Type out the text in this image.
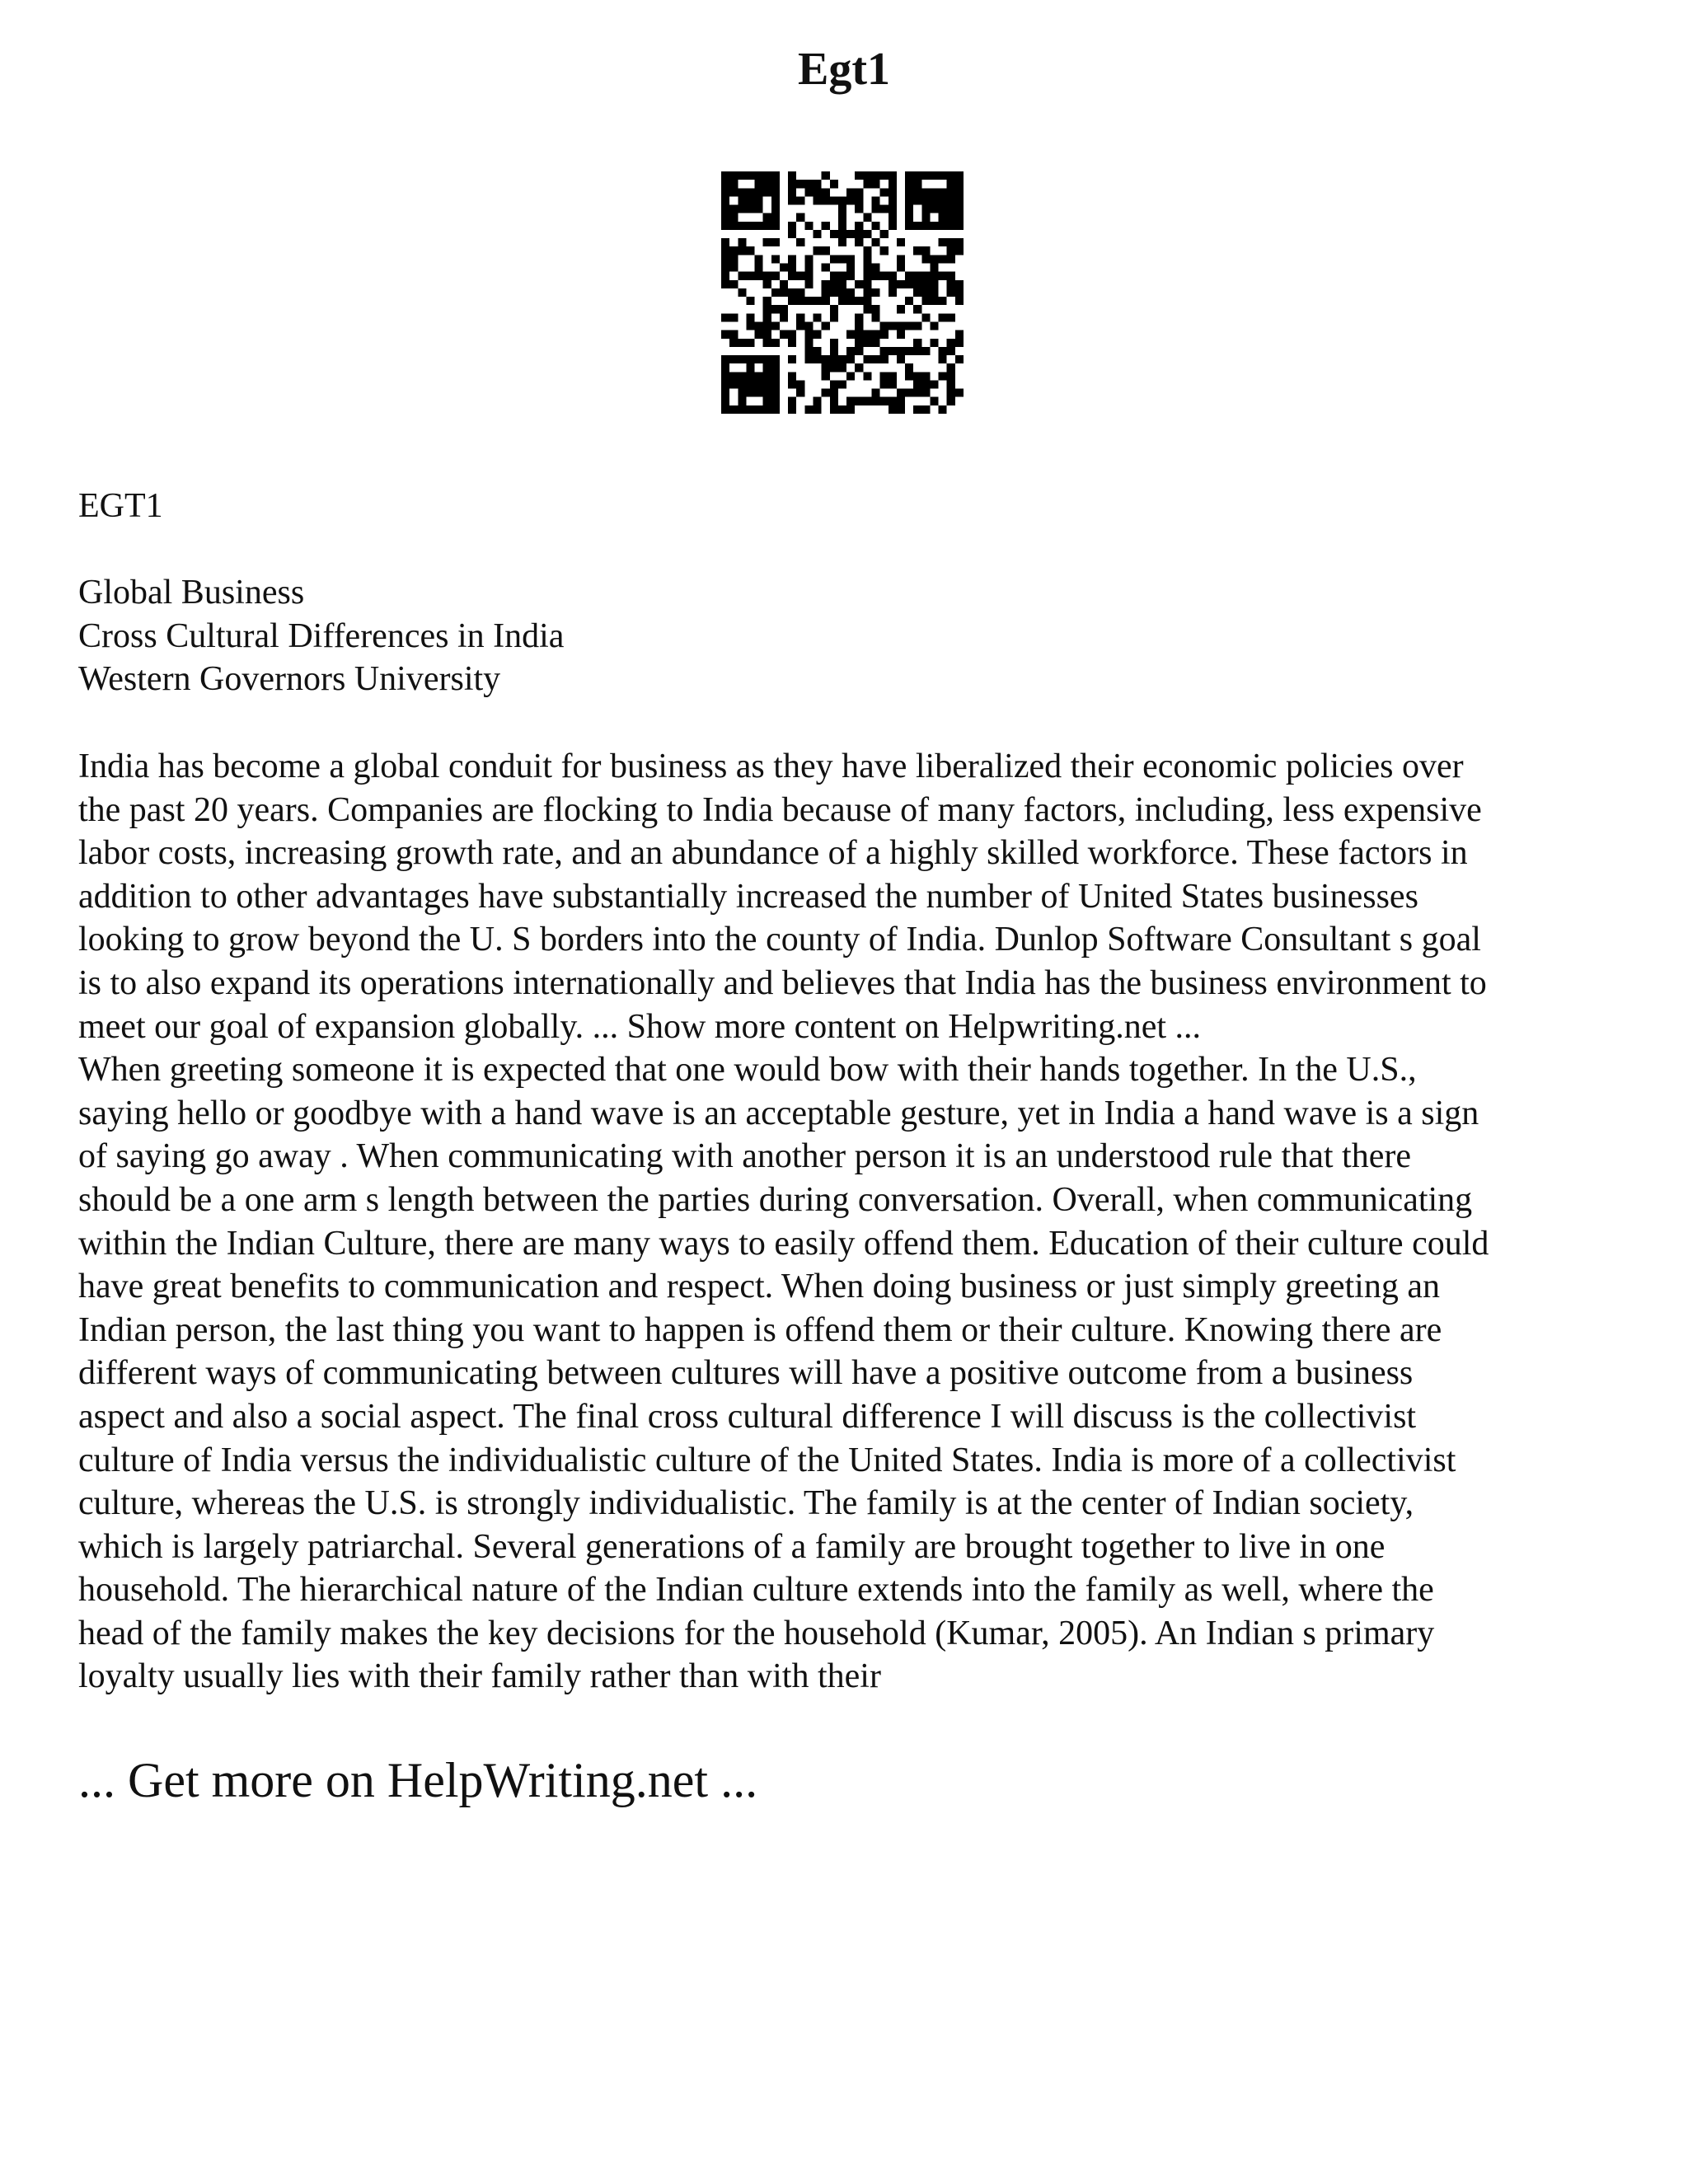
Egt1
EGT1
Global Business
Cross Cultural Differences in India
Western Governors University
India has become a global conduit for business as they have liberalized their economic policies over
the past 20 years. Companies are flocking to India because of many factors, including, less expensive
labor costs, increasing growth rate, and an abundance of a highly skilled workforce. These factors in
addition to other advantages have substantially increased the number of United States businesses
looking to grow beyond the U. S borders into the county of India. Dunlop Software Consultant s goal
is to also expand its operations internationally and believes that India has the business environment to
meet our goal of expansion globally. ... Show more content on Helpwriting.net ...
When greeting someone it is expected that one would bow with their hands together. In the U.S.,
saying hello or goodbye with a hand wave is an acceptable gesture, yet in India a hand wave is a sign
of saying go away . When communicating with another person it is an understood rule that there
should be a one arm s length between the parties during conversation. Overall, when communicating
within the Indian Culture, there are many ways to easily offend them. Education of their culture could
have great benefits to communication and respect. When doing business or just simply greeting an
Indian person, the last thing you want to happen is offend them or their culture. Knowing there are
different ways of communicating between cultures will have a positive outcome from a business
aspect and also a social aspect. The final cross cultural difference I will discuss is the collectivist
culture of India versus the individualistic culture of the United States. India is more of a collectivist
culture, whereas the U.S. is strongly individualistic. The family is at the center of Indian society,
which is largely patriarchal. Several generations of a family are brought together to live in one
household. The hierarchical nature of the Indian culture extends into the family as well, where the
head of the family makes the key decisions for the household (Kumar, 2005). An Indian s primary
loyalty usually lies with their family rather than with their
... Get more on HelpWriting.net ...
